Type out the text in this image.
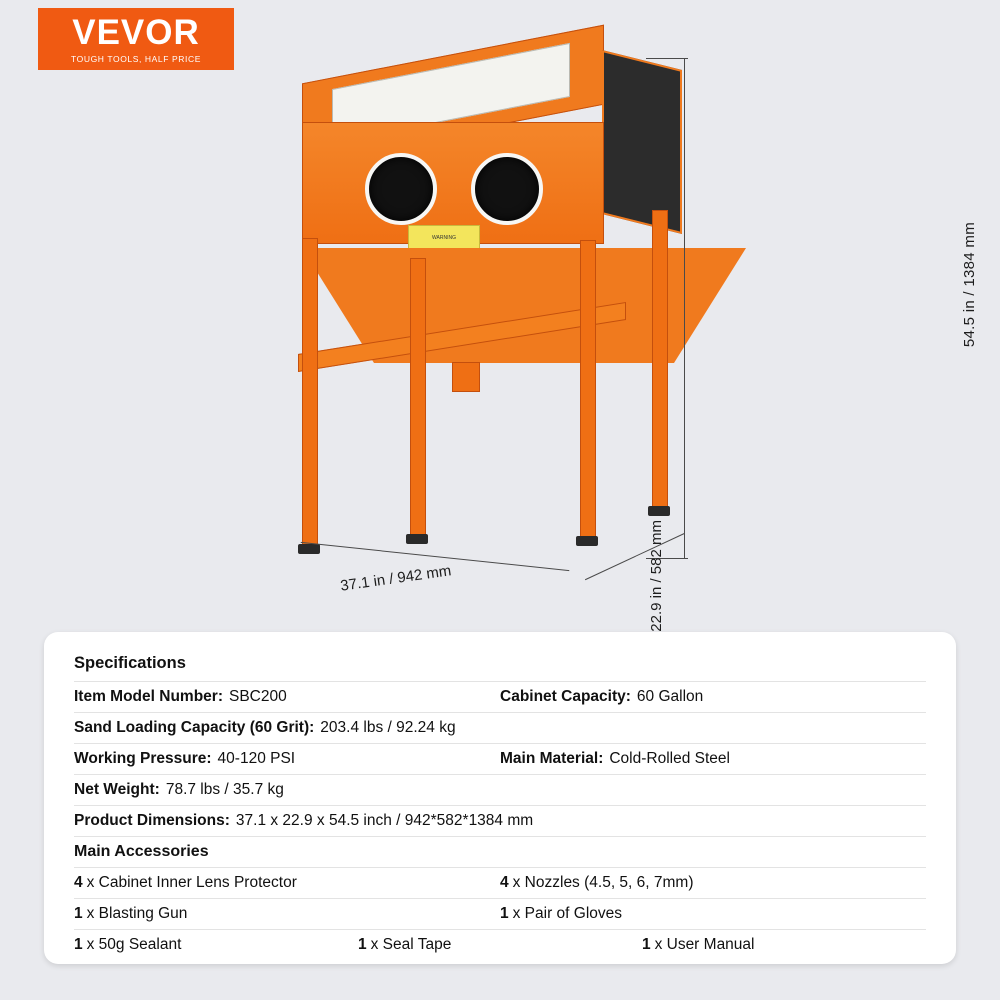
VEVOR
TOUGH TOOLS, HALF PRICE
WARNING	54.5 in / 1384 mm
37.1 in / 942 mm	22.9 in / 582 mm
Specifications
Item Model Number: SBC200	Cabinet Capacity: 60 Gallon
Sand Loading Capacity (60 Grit): 203.4 lbs / 92.24 kg
Working Pressure: 40-120 PSI	Main Material: Cold-Rolled Steel
Net Weight: 78.7 lbs / 35.7 kg
Product Dimensions: 37.1 x 22.9 x 54.5 inch / 942*582*1384 mm
Main Accessories
4 x Cabinet Inner Lens Protector	4 x Nozzles (4.5, 5, 6, 7mm)
1 x Blasting Gun	1 x Pair of Gloves
1 x 50g Sealant	1 x Seal Tape	1 x User Manual
